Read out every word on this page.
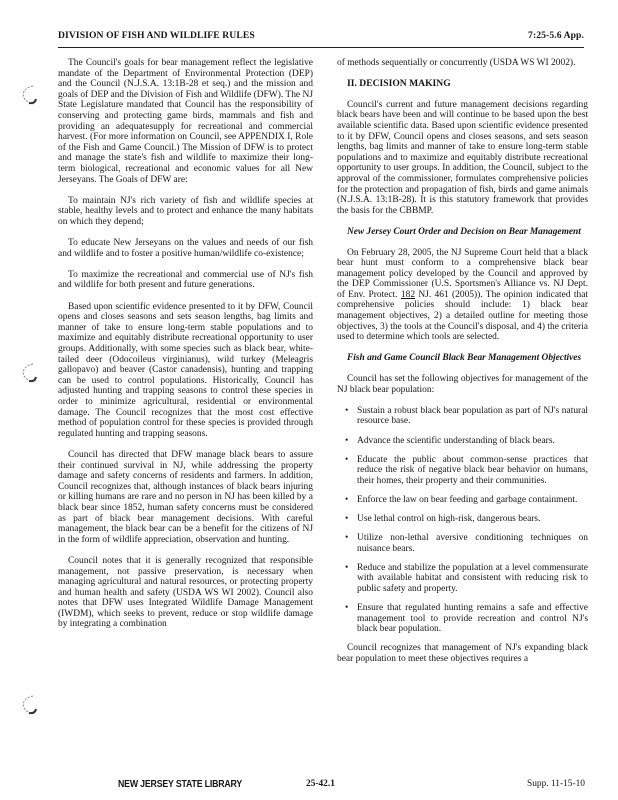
DIVISION OF FISH AND WILDLIFE RULES	7:25-5.6 App.

The Council's goals for bear management reflect the legislative mandate of the Department of Environmental Protection (DEP) and the Council (N.J.S.A. 13:1B-28 et seq.) and the mission and goals of DEP and the Division of Fish and Wildlife (DFW). The NJ State Legislature mandated that Council has the responsibility of conserving and protecting game birds, mammals and fish and providing an adequatesupply for recreational and commercial harvest. (For more information on Council, see APPENDIX I, Role of the Fish and Game Council.) The Mission of DFW is to protect and manage the state's fish and wildlife to maximize their long-term biological, recreational and economic values for all New Jerseyans. The Goals of DFW are:

To maintain NJ's rich variety of fish and wildlife species at stable, healthy levels and to protect and enhance the many habitats on which they depend;

To educate New Jerseyans on the values and needs of our fish and wildlife and to foster a positive human/wildlife co-existence;

To maximize the recreational and commercial use of NJ's fish and wildlife for both present and future generations.

Based upon scientific evidence presented to it by DFW, Council opens and closes seasons and sets season lengths, bag limits and manner of take to ensure long-term stable populations and to maximize and equitably distribute recreational opportunity to user groups. Additionally, with some species such as black bear, white-tailed deer (Odocoileus virginianus), wild turkey (Meleagris gallopavo) and beaver (Castor canadensis), hunting and trapping can be used to control populations. Historically, Council has adjusted hunting and trapping seasons to control these species in order to minimize agricultural, residential or environmental damage. The Council recognizes that the most cost effective method of population control for these species is provided through regulated hunting and trapping seasons.

Council has directed that DFW manage black bears to assure their continued survival in NJ, while addressing the property damage and safety concerns of residents and farmers. In addition, Council recognizes that, although instances of black bears injuring or killing humans are rare and no person in NJ has been killed by a black bear since 1852, human safety concerns must be considered as part of black bear management decisions. With careful management, the black bear can be a benefit for the citizens of NJ in the form of wildlife appreciation, observation and hunting.

Council notes that it is generally recognized that responsible management, not passive preservation, is necessary when managing agricultural and natural resources, or protecting property and human health and safety (USDA WS WI 2002). Council also notes that DFW uses Integrated Wildlife Damage Management (IWDM), which seeks to prevent, reduce or stop wildlife damage by integrating a combination

of methods sequentially or concurrently (USDA WS WI 2002).

II. DECISION MAKING

Council's current and future management decisions regarding black bears have been and will continue to be based upon the best available scientific data. Based upon scientific evidence presented to it by DFW, Council opens and closes seasons, and sets season lengths, bag limits and manner of take to ensure long-term stable populations and to maximize and equitably distribute recreational opportunity to user groups. In addition, the Council, subject to the approval of the commissioner, formulates comprehensive policies for the protection and propagation of fish, birds and game animals (N.J.S.A. 13:1B-28). It is this statutory framework that provides the basis for the CBBMP.

New Jersey Court Order and Decision on Bear Management

On February 28, 2005, the NJ Supreme Court held that a black bear hunt must conform to a comprehensive black bear management policy developed by the Council and approved by the DEP Commissioner (U.S. Sportsmen's Alliance vs. NJ Dept. of Env. Protect. 182 NJ. 461 (2005)). The opinion indicated that comprehensive policies should include: 1) black bear management objectives, 2) a detailed outline for meeting those objectives, 3) the tools at the Council's disposal, and 4) the criteria used to determine which tools are selected.

Fish and Game Council Black Bear Management Objectives

Council has set the following objectives for management of the NJ black bear population:

• Sustain a robust black bear population as part of NJ's natural resource base.
• Advance the scientific understanding of black bears.
• Educate the public about common-sense practices that reduce the risk of negative black bear behavior on humans, their homes, their property and their communities.
• Enforce the law on bear feeding and garbage containment.
• Use lethal control on high-risk, dangerous bears.
• Utilize non-lethal aversive conditioning techniques on nuisance bears.
• Reduce and stabilize the population at a level commensurate with available habitat and consistent with reducing risk to public safety and property.
• Ensure that regulated hunting remains a safe and effective management tool to provide recreation and control NJ's black bear population.

Council recognizes that management of NJ's expanding black bear population to meet these objectives requires a

NEW JERSEY STATE LIBRARY	25-42.1	Supp. 11-15-10
